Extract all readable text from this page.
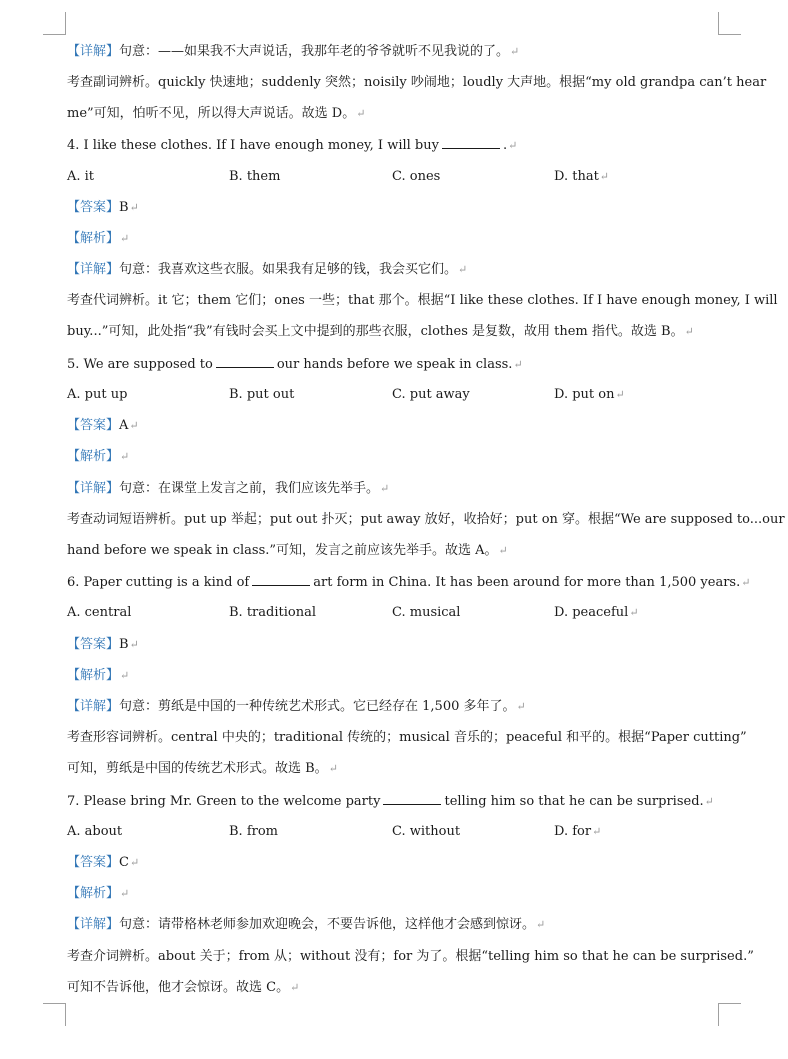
【详解】句意：——如果我不大声说话，我那年老的爷爷就听不见我说的了。↵
考查副词辨析。quickly 快速地；suddenly 突然；noisily 吵闹地；loudly 大声地。根据“my old grandpa can’t hear
me”可知，怕听不见，所以得大声说话。故选 D。↵
4. I like these clothes. If I have enough money, I will buy	.↵
A. it	B. them	C. ones	D. that↵
【答案】B↵
【解析】↵
【详解】句意：我喜欢这些衣服。如果我有足够的钱，我会买它们。↵
考查代词辨析。it 它；them 它们；ones 一些；that 那个。根据“I like these clothes. If I have enough money, I will
buy...”可知，此处指“我”有钱时会买上文中提到的那些衣服，clothes 是复数，故用 them 指代。故选 B。↵
5. We are supposed to	our hands before we speak in class.↵
A. put up	B. put out	C. put away	D. put on↵
【答案】A↵
【解析】↵
【详解】句意：在课堂上发言之前，我们应该先举手。↵
考查动词短语辨析。put up 举起；put out 扑灭；put away 放好，收拾好；put on 穿。根据“We are supposed to...our
hand before we speak in class.”可知，发言之前应该先举手。故选 A。↵
6. Paper cutting is a kind of	art form in China. It has been around for more than 1,500 years.↵
A. central	B. traditional	C. musical	D. peaceful↵
【答案】B↵
【解析】↵
【详解】句意：剪纸是中国的一种传统艺术形式。它已经存在 1,500 多年了。↵
考查形容词辨析。central 中央的；traditional 传统的；musical 音乐的；peaceful 和平的。根据“Paper cutting”
可知，剪纸是中国的传统艺术形式。故选 B。↵
7. Please bring Mr. Green to the welcome party	telling him so that he can be surprised.↵
A. about	B. from	C. without	D. for↵
【答案】C↵
【解析】↵
【详解】句意：请带格林老师参加欢迎晚会，不要告诉他，这样他才会感到惊讶。↵
考查介词辨析。about 关于；from 从；without 没有；for 为了。根据“telling him so that he can be surprised.”
可知不告诉他，他才会惊讶。故选 C。↵
